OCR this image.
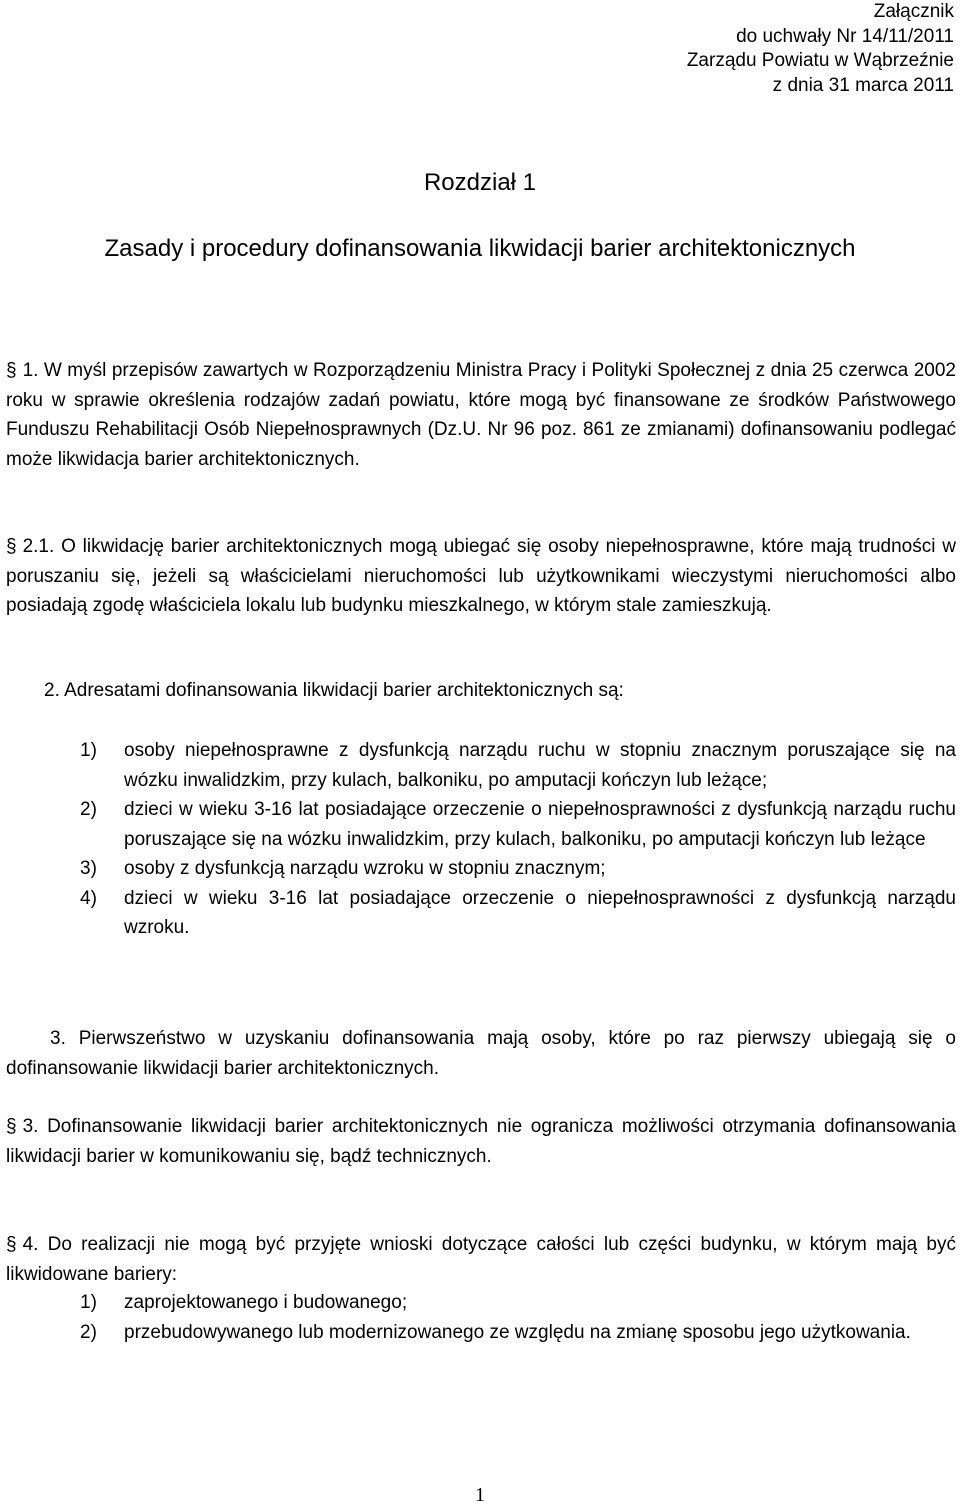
Załącznik
do uchwały Nr 14/11/2011
Zarządu Powiatu w Wąbrzeźnie
z dnia 31 marca 2011
Rozdział 1
Zasady i procedury dofinansowania likwidacji barier architektonicznych

§ 1. W myśl przepisów zawartych w Rozporządzeniu Ministra Pracy i Polityki Społecznej z dnia 25 czerwca 2002 roku w sprawie określenia rodzajów zadań powiatu, które mogą być finansowane ze środków Państwowego Funduszu Rehabilitacji Osób Niepełnosprawnych (Dz.U. Nr 96 poz. 861 ze zmianami) dofinansowaniu podlegać może likwidacja barier architektonicznych.

§ 2.1. O likwidację barier architektonicznych mogą ubiegać się osoby niepełnosprawne, które mają trudności w poruszaniu się, jeżeli są właścicielami nieruchomości lub użytkownikami wieczystymi nieruchomości albo posiadają zgodę właściciela lokalu lub budynku mieszkalnego, w którym stale zamieszkują.

2. Adresatami dofinansowania likwidacji barier architektonicznych są:

1) osoby niepełnosprawne z dysfunkcją narządu ruchu w stopniu znacznym poruszające się na wózku inwalidzkim, przy kulach, balkoniku, po amputacji kończyn lub leżące;
2) dzieci w wieku 3-16 lat posiadające orzeczenie o niepełnosprawności z dysfunkcją narządu ruchu poruszające się na wózku inwalidzkim, przy kulach, balkoniku, po amputacji kończyn lub leżące
3) osoby z dysfunkcją narządu wzroku w stopniu znacznym;
4) dzieci w wieku 3-16 lat posiadające orzeczenie o niepełnosprawności z dysfunkcją narządu wzroku.

3. Pierwszeństwo w uzyskaniu dofinansowania mają osoby, które po raz pierwszy ubiegają się o dofinansowanie likwidacji barier architektonicznych.

§ 3. Dofinansowanie likwidacji barier architektonicznych nie ogranicza możliwości otrzymania dofinansowania likwidacji barier w komunikowaniu się, bądź technicznych.

§ 4. Do realizacji nie mogą być przyjęte wnioski dotyczące całości lub części budynku, w którym mają być likwidowane bariery:

1) zaprojektowanego i budowanego;
2) przebudowywanego lub modernizowanego ze względu na zmianę sposobu jego użytkowania.
1
